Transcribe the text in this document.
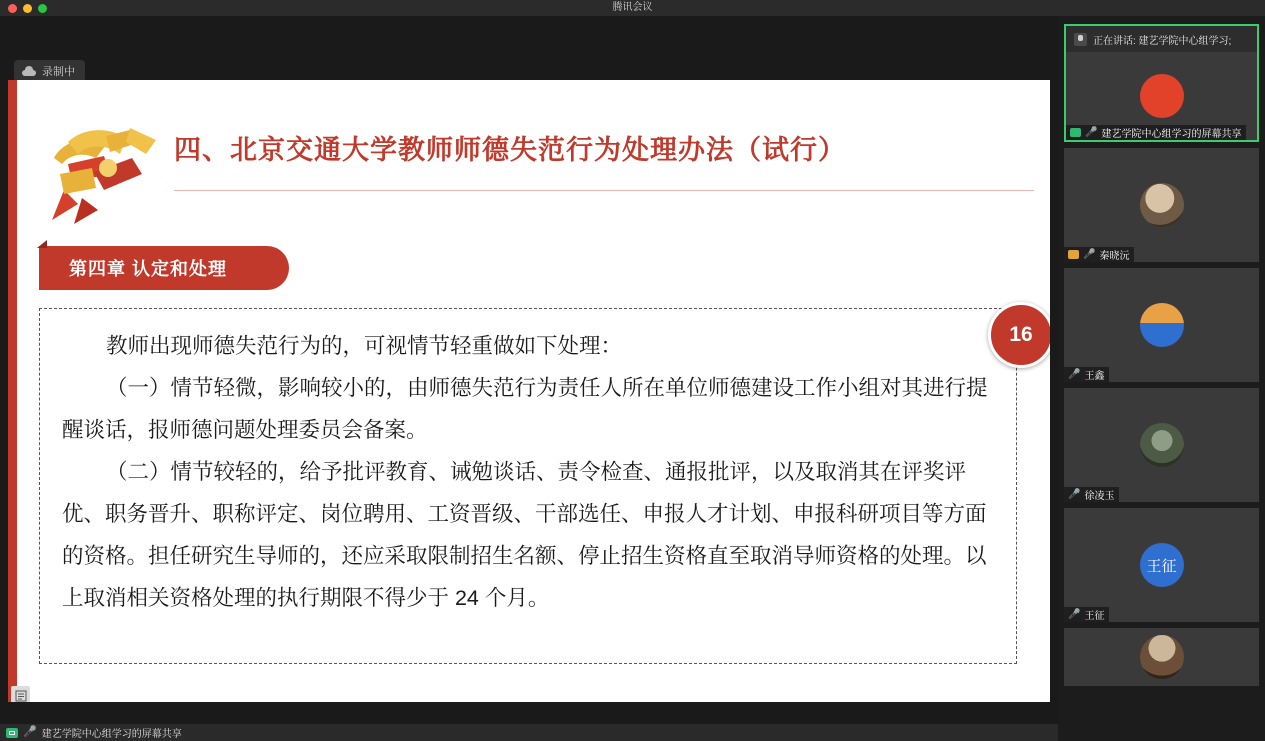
腾讯会议
录制中
四、北京交通大学教师师德失范行为处理办法（试行）
第四章 认定和处理

教师出现师德失范行为的，可视情节轻重做如下处理：

（一）情节轻微，影响较小的，由师德失范行为责任人所在单位师德建设工作小组对其进行提醒谈话，报师德问题处理委员会备案。

（二）情节较轻的，给予批评教育、诫勉谈话、责令检查、通报批评，以及取消其在评奖评优、职务晋升、职称评定、岗位聘用、工资晋级、干部选任、申报人才计划、申报科研项目等方面的资格。担任研究生导师的，还应采取限制招生名额、停止招生资格直至取消导师资格的处理。以上取消相关资格处理的执行期限不得少于 24 个月。

16
🎤 建艺学院中心组学习的屏幕共享
正在讲话: 建艺学院中心组学习;
🎤 建艺学院中心组学习的屏幕共享
🎤 秦晓沅
🎤 王鑫
🎤 徐凌玉
王征
🎤 王征
